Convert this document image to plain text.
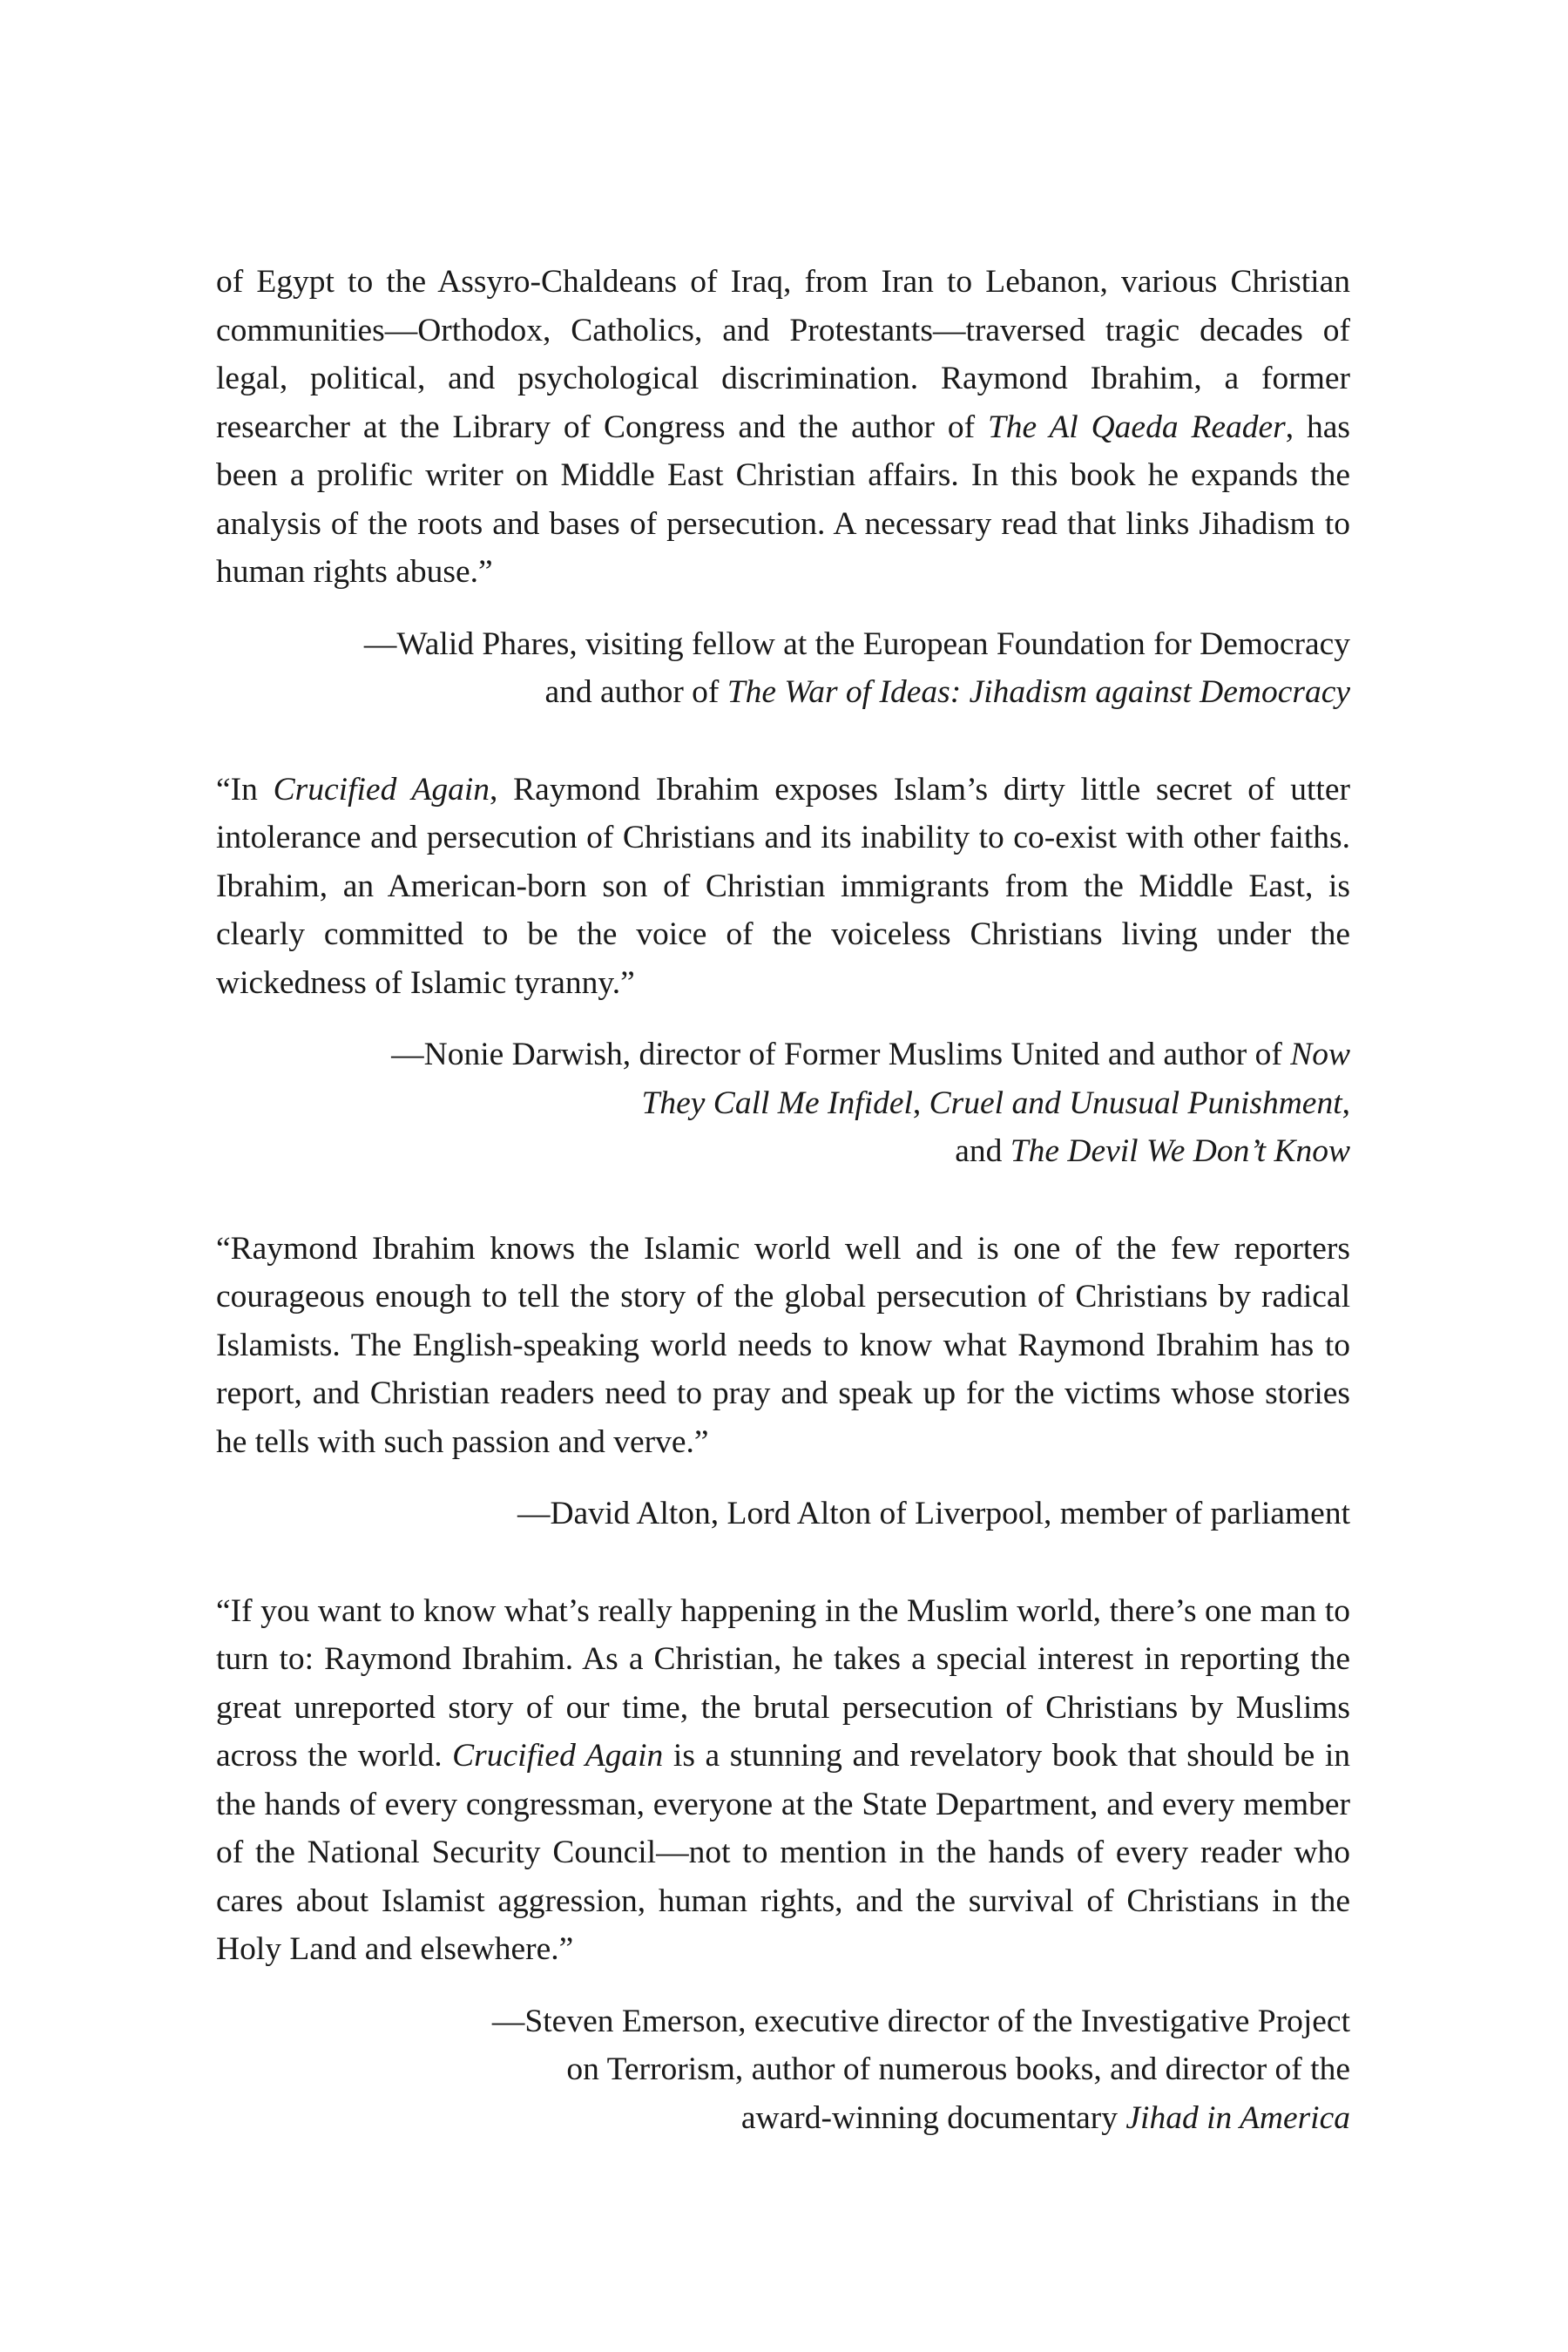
of Egypt to the Assyro-Chaldeans of Iraq, from Iran to Lebanon, various Christian communities—Orthodox, Catholics, and Protestants—traversed tragic decades of legal, political, and psychological discrimination. Raymond Ibrahim, a former researcher at the Library of Congress and the author of The Al Qaeda Reader, has been a prolific writer on Middle East Christian affairs. In this book he expands the analysis of the roots and bases of persecution. A necessary read that links Jihadism to human rights abuse.”

—Walid Phares, visiting fellow at the European Foundation for Democracy
and author of The War of Ideas: Jihadism against Democracy

“In Crucified Again, Raymond Ibrahim exposes Islam’s dirty little secret of utter intolerance and persecution of Christians and its inability to co-exist with other faiths. Ibrahim, an American-born son of Christian immigrants from the Middle East, is clearly committed to be the voice of the voiceless Christians living under the wickedness of Islamic tyranny.”

—Nonie Darwish, director of Former Muslims United and author of Now
They Call Me Infidel, Cruel and Unusual Punishment,
and The Devil We Don’t Know

“Raymond Ibrahim knows the Islamic world well and is one of the few reporters courageous enough to tell the story of the global persecution of Christians by radical Islamists. The English-speaking world needs to know what Raymond Ibrahim has to report, and Christian readers need to pray and speak up for the victims whose stories he tells with such passion and verve.”

—David Alton, Lord Alton of Liverpool, member of parliament

“If you want to know what’s really happening in the Muslim world, there’s one man to turn to: Raymond Ibrahim. As a Christian, he takes a special interest in reporting the great unreported story of our time, the brutal persecution of Christians by Muslims across the world. Crucified Again is a stunning and revelatory book that should be in the hands of every congressman, everyone at the State Department, and every member of the National Security Council—not to mention in the hands of every reader who cares about Islamist aggression, human rights, and the survival of Christians in the Holy Land and elsewhere.”

—Steven Emerson, executive director of the Investigative Project
on Terrorism, author of numerous books, and director of the
award-winning documentary Jihad in America
